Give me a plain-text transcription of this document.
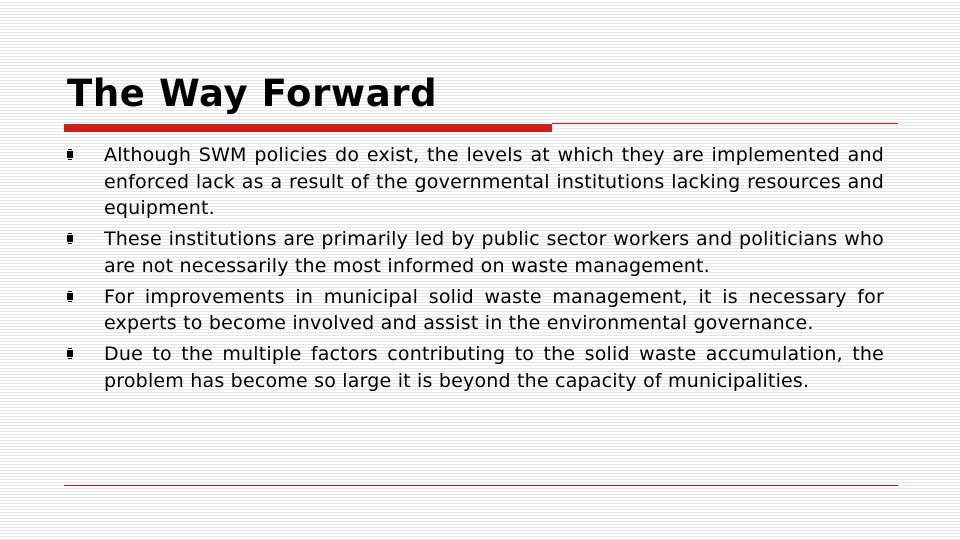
The Way Forward
Although SWM policies do exist, the levels at which they are implemented and enforced lack as a result of the governmental institutions lacking resources and equipment.
These institutions are primarily led by public sector workers and politicians who are not necessarily the most informed on waste management.
For improvements in municipal solid waste management, it is necessary for experts to become involved and assist in the environmental governance.
Due to the multiple factors contributing to the solid waste accumulation, the problem has become so large it is beyond the capacity of municipalities.
